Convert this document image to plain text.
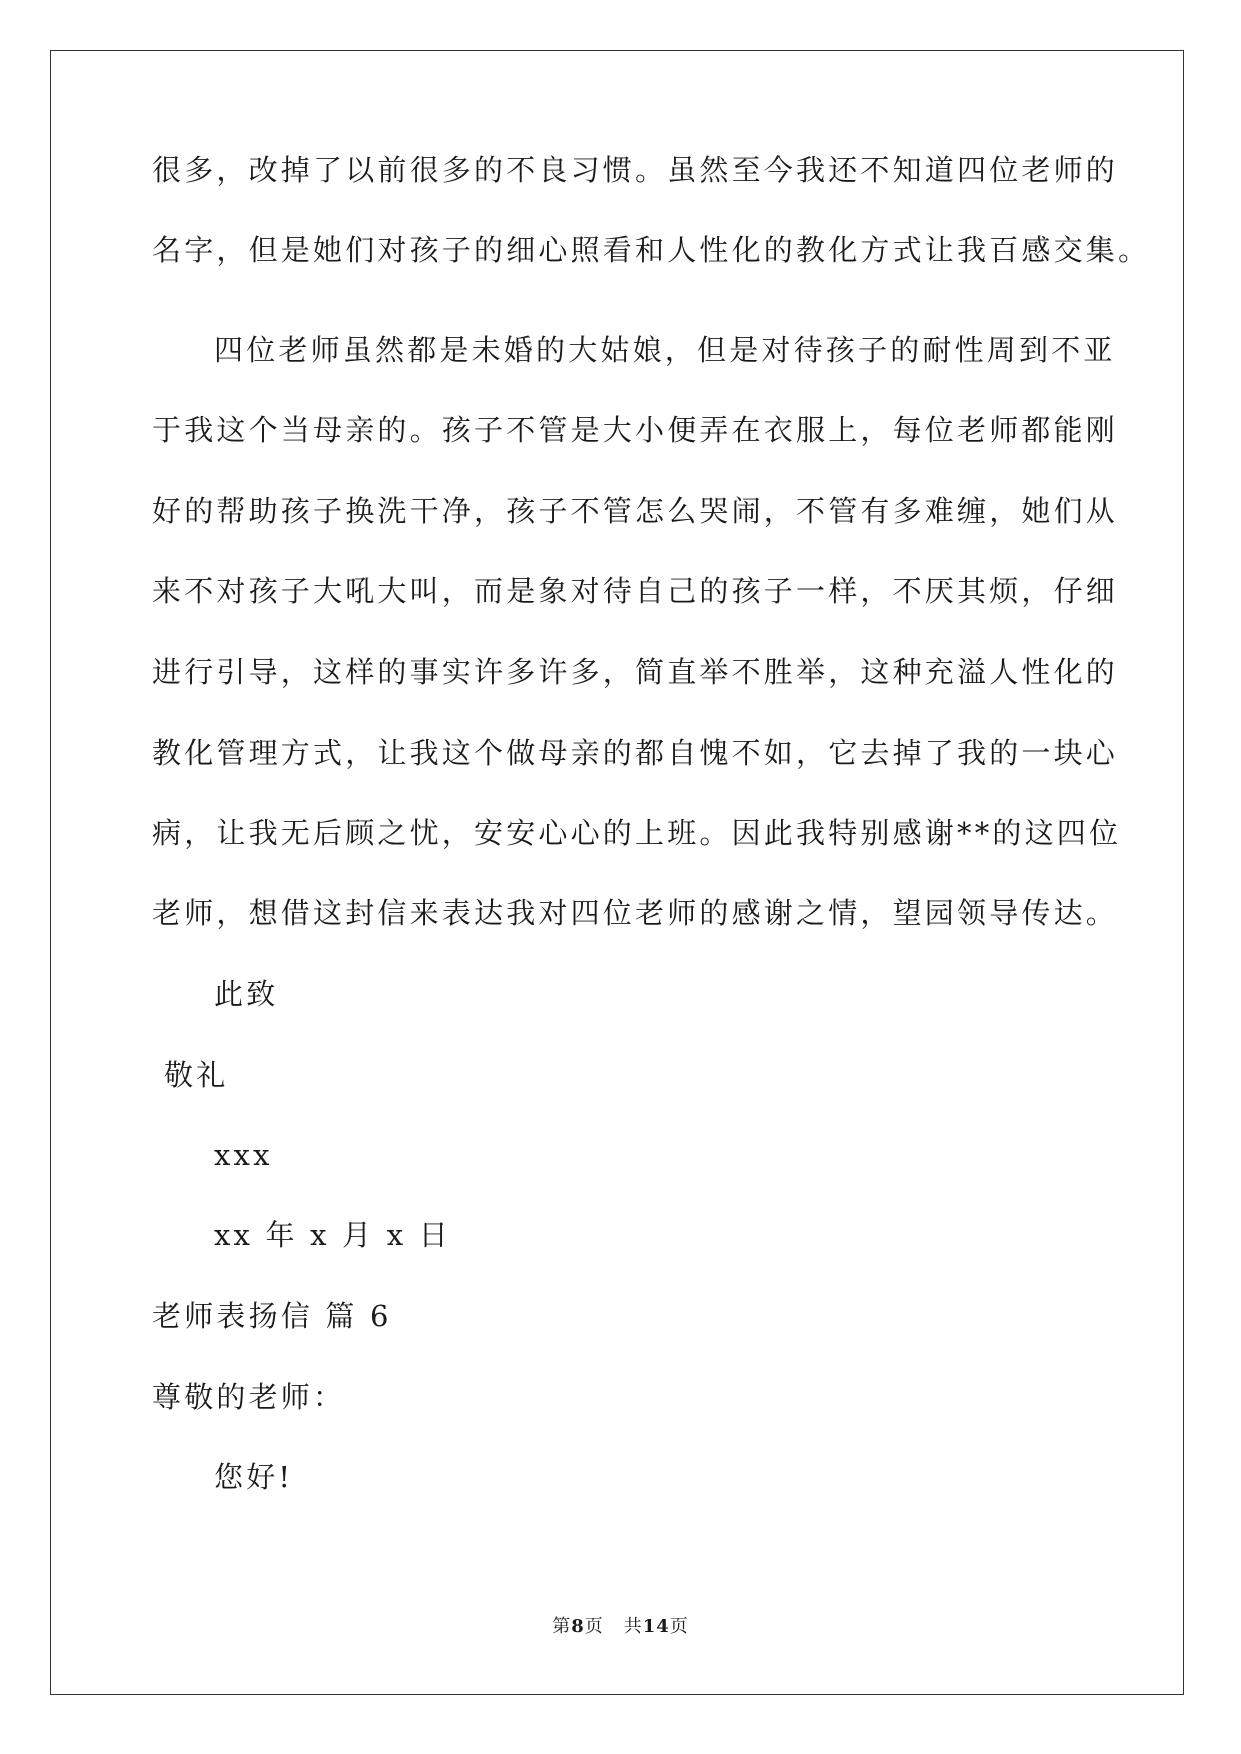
很多，改掉了以前很多的不良习惯。虽然至今我还不知道四位老师的
名字，但是她们对孩子的细心照看和人性化的教化方式让我百感交集。
四位老师虽然都是未婚的大姑娘，但是对待孩子的耐性周到不亚
于我这个当母亲的。孩子不管是大小便弄在衣服上，每位老师都能刚
好的帮助孩子换洗干净，孩子不管怎么哭闹，不管有多难缠，她们从
来不对孩子大吼大叫，而是象对待自己的孩子一样，不厌其烦，仔细
进行引导，这样的事实许多许多，简直举不胜举，这种充溢人性化的
教化管理方式，让我这个做母亲的都自愧不如，它去掉了我的一块心
病，让我无后顾之忧，安安心心的上班。因此我特别感谢**的这四位
老师，想借这封信来表达我对四位老师的感谢之情，望园领导传达。
此致
敬礼
xxx
xx 年 x 月 x 日
老师表扬信 篇 6
尊敬的老师：
您好!
第8页 共14页
